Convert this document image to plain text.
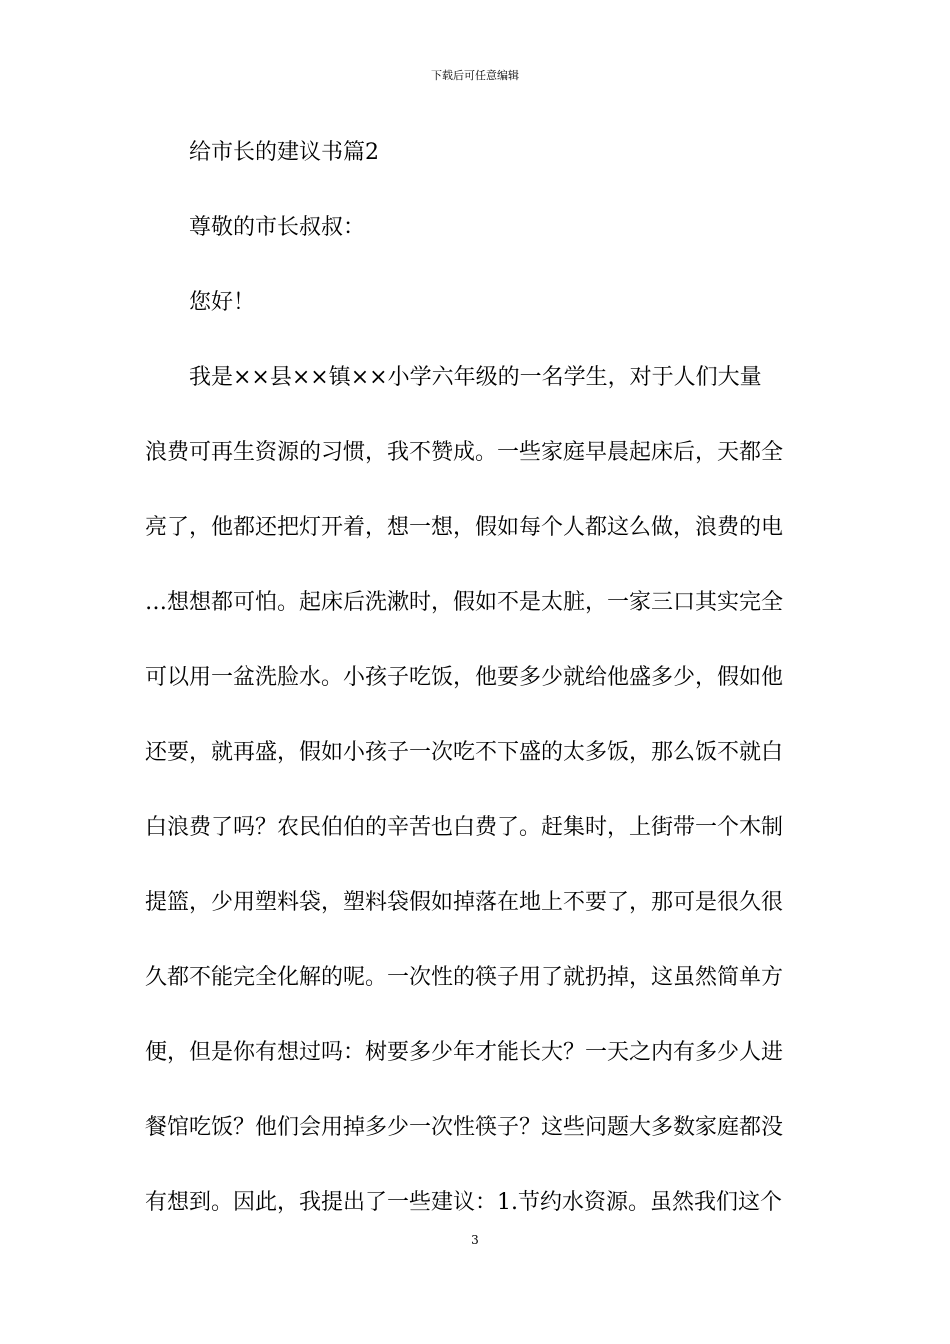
下载后可任意编辑
给市长的建议书篇2
尊敬的市长叔叔：
您好！
我是××县××镇××小学六年级的一名学生，对于人们大量
浪费可再生资源的习惯，我不赞成。一些家庭早晨起床后，天都全
亮了，他都还把灯开着，想一想，假如每个人都这么做，浪费的电
…想想都可怕。起床后洗漱时，假如不是太脏，一家三口其实完全
可以用一盆洗脸水。小孩子吃饭，他要多少就给他盛多少，假如他
还要，就再盛，假如小孩子一次吃不下盛的太多饭，那么饭不就白
白浪费了吗？农民伯伯的辛苦也白费了。赶集时，上街带一个木制
提篮，少用塑料袋，塑料袋假如掉落在地上不要了，那可是很久很
久都不能完全化解的呢。一次性的筷子用了就扔掉，这虽然简单方
便，但是你有想过吗：树要多少年才能长大？一天之内有多少人进
餐馆吃饭？他们会用掉多少一次性筷子？这些问题大多数家庭都没
有想到。因此，我提出了一些建议：1.节约水资源。虽然我们这个
3
